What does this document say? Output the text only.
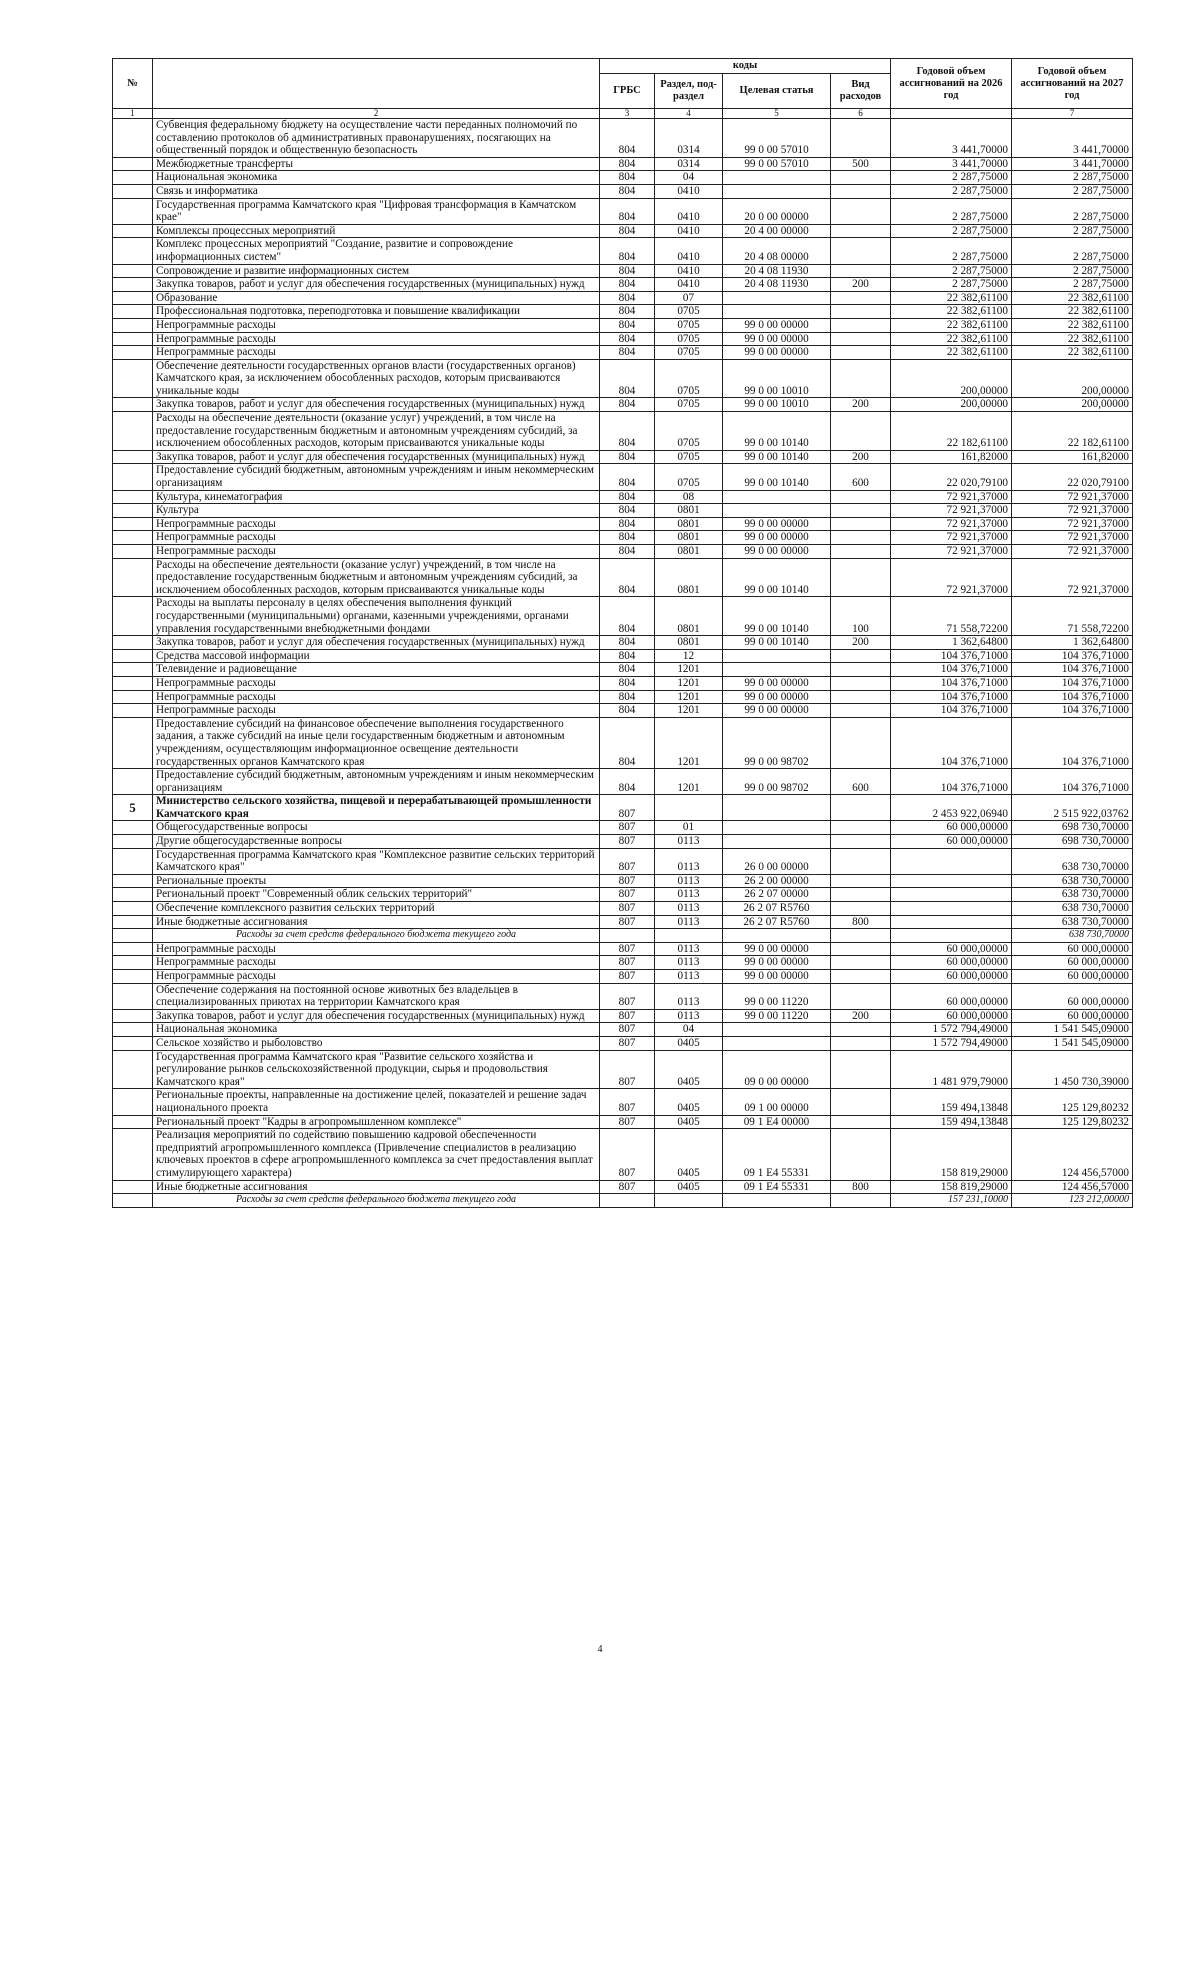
№		коды				Годовой объем ассигнований на 2026 год	Годовой объем ассигнований на 2027 год
		ГРБС	Раздел, под-раздел	Целевая статья	Вид расходов		
1	2	3	4	5	6		7
	Субвенция федеральному бюджету на осуществление части переданных полномочий по составлению протоколов об административных правонарушениях, посягающих на общественный порядок и общественную безопасность	804	0314	99 0 00 57010		3 441,70000	3 441,70000
	Межбюджетные трансферты	804	0314	99 0 00 57010	500	3 441,70000	3 441,70000
	Национальная экономика	804	04			2 287,75000	2 287,75000
	Связь и информатика	804	0410			2 287,75000	2 287,75000
	Государственная программа Камчатского края "Цифровая трансформация в Камчатском крае"	804	0410	20 0 00 00000		2 287,75000	2 287,75000
	Комплексы процессных мероприятий	804	0410	20 4 00 00000		2 287,75000	2 287,75000
	Комплекс процессных мероприятий "Создание, развитие и сопровождение информационных систем"	804	0410	20 4 08 00000		2 287,75000	2 287,75000
	Сопровождение и развитие информационных систем	804	0410	20 4 08 11930		2 287,75000	2 287,75000
	Закупка товаров, работ и услуг для обеспечения государственных (муниципальных) нужд	804	0410	20 4 08 11930	200	2 287,75000	2 287,75000
	Образование	804	07			22 382,61100	22 382,61100
	Профессиональная подготовка, переподготовка и повышение квалификации	804	0705			22 382,61100	22 382,61100
	Непрограммные расходы	804	0705	99 0 00 00000		22 382,61100	22 382,61100
	Непрограммные расходы	804	0705	99 0 00 00000		22 382,61100	22 382,61100
	Непрограммные расходы	804	0705	99 0 00 00000		22 382,61100	22 382,61100
	Обеспечение деятельности государственных органов власти (государственных органов) Камчатского края, за исключением обособленных расходов, которым присваиваются уникальные коды	804	0705	99 0 00 10010		200,00000	200,00000
	Закупка товаров, работ и услуг для обеспечения государственных (муниципальных) нужд	804	0705	99 0 00 10010	200	200,00000	200,00000
	Расходы на обеспечение деятельности (оказание услуг) учреждений, в том числе на предоставление государственным бюджетным и автономным учреждениям субсидий, за исключением обособленных расходов, которым присваиваются уникальные коды	804	0705	99 0 00 10140		22 182,61100	22 182,61100
	Закупка товаров, работ и услуг для обеспечения государственных (муниципальных) нужд	804	0705	99 0 00 10140	200	161,82000	161,82000
	Предоставление субсидий бюджетным, автономным учреждениям и иным некоммерческим организациям	804	0705	99 0 00 10140	600	22 020,79100	22 020,79100
	Культура, кинематография	804	08			72 921,37000	72 921,37000
	Культура	804	0801			72 921,37000	72 921,37000
	Непрограммные расходы	804	0801	99 0 00 00000		72 921,37000	72 921,37000
	Непрограммные расходы	804	0801	99 0 00 00000		72 921,37000	72 921,37000
	Непрограммные расходы	804	0801	99 0 00 00000		72 921,37000	72 921,37000
	Расходы на обеспечение деятельности (оказание услуг) учреждений, в том числе на предоставление государственным бюджетным и автономным учреждениям субсидий, за исключением обособленных расходов, которым присваиваются уникальные коды	804	0801	99 0 00 10140		72 921,37000	72 921,37000
	Расходы на выплаты персоналу в целях обеспечения выполнения функций государственными (муниципальными) органами, казенными учреждениями, органами управления государственными внебюджетными фондами	804	0801	99 0 00 10140	100	71 558,72200	71 558,72200
	Закупка товаров, работ и услуг для обеспечения государственных (муниципальных) нужд	804	0801	99 0 00 10140	200	1 362,64800	1 362,64800
	Средства массовой информации	804	12			104 376,71000	104 376,71000
	Телевидение и радиовещание	804	1201			104 376,71000	104 376,71000
	Непрограммные расходы	804	1201	99 0 00 00000		104 376,71000	104 376,71000
	Непрограммные расходы	804	1201	99 0 00 00000		104 376,71000	104 376,71000
	Непрограммные расходы	804	1201	99 0 00 00000		104 376,71000	104 376,71000
	Предоставление субсидий на финансовое обеспечение выполнения государственного задания, а также субсидий на иные цели государственным бюджетным и автономным учреждениям, осуществляющим информационное освещение деятельности государственных органов Камчатского края	804	1201	99 0 00 98702		104 376,71000	104 376,71000
	Предоставление субсидий бюджетным, автономным учреждениям и иным некоммерческим организациям	804	1201	99 0 00 98702	600	104 376,71000	104 376,71000
5	Министерство сельского хозяйства, пищевой и перерабатывающей промышленности Камчатского края	807				2 453 922,06940	2 515 922,03762
	Общегосударственные вопросы	807	01			60 000,00000	698 730,70000
	Другие общегосударственные вопросы	807	0113			60 000,00000	698 730,70000
	Государственная программа Камчатского края "Комплексное развитие сельских территорий Камчатского края"	807	0113	26 0 00 00000			638 730,70000
	Региональные проекты	807	0113	26 2 00 00000			638 730,70000
	Региональный проект "Современный облик сельских территорий"	807	0113	26 2 07 00000			638 730,70000
	Обеспечение комплексного развития сельских территорий	807	0113	26 2 07 R5760			638 730,70000
	Иные бюджетные ассигнования	807	0113	26 2 07 R5760	800		638 730,70000
	Расходы за счет средств федерального бюджета текущего года						638 730,70000
	Непрограммные расходы	807	0113	99 0 00 00000		60 000,00000	60 000,00000
	Непрограммные расходы	807	0113	99 0 00 00000		60 000,00000	60 000,00000
	Непрограммные расходы	807	0113	99 0 00 00000		60 000,00000	60 000,00000
	Обеспечение содержания на постоянной основе животных без владельцев в специализированных приютах на территории Камчатского края	807	0113	99 0 00 11220		60 000,00000	60 000,00000
	Закупка товаров, работ и услуг для обеспечения государственных (муниципальных) нужд	807	0113	99 0 00 11220	200	60 000,00000	60 000,00000
	Национальная экономика	807	04			1 572 794,49000	1 541 545,09000
	Сельское хозяйство и рыболовство	807	0405			1 572 794,49000	1 541 545,09000
	Государственная программа Камчатского края "Развитие сельского хозяйства и регулирование рынков сельскохозяйственной продукции, сырья и продовольствия Камчатского края"	807	0405	09 0 00 00000		1 481 979,79000	1 450 730,39000
	Региональные проекты, направленные на достижение целей, показателей и решение задач национального проекта	807	0405	09 1 00 00000		159 494,13848	125 129,80232
	Региональный проект "Кадры в агропромышленном комплексе"	807	0405	09 1 E4 00000		159 494,13848	125 129,80232
	Реализация мероприятий по содействию повышению кадровой обеспеченности предприятий агропромышленного комплекса (Привлечение специалистов в реализацию ключевых проектов в сфере агропромышленного комплекса за счет предоставления выплат стимулирующего характера)	807	0405	09 1 E4 55331		158 819,29000	124 456,57000
	Иные бюджетные ассигнования	807	0405	09 1 E4 55331	800	158 819,29000	124 456,57000
	Расходы за счет средств федерального бюджета текущего года					157 231,10000	123 212,00000
4
